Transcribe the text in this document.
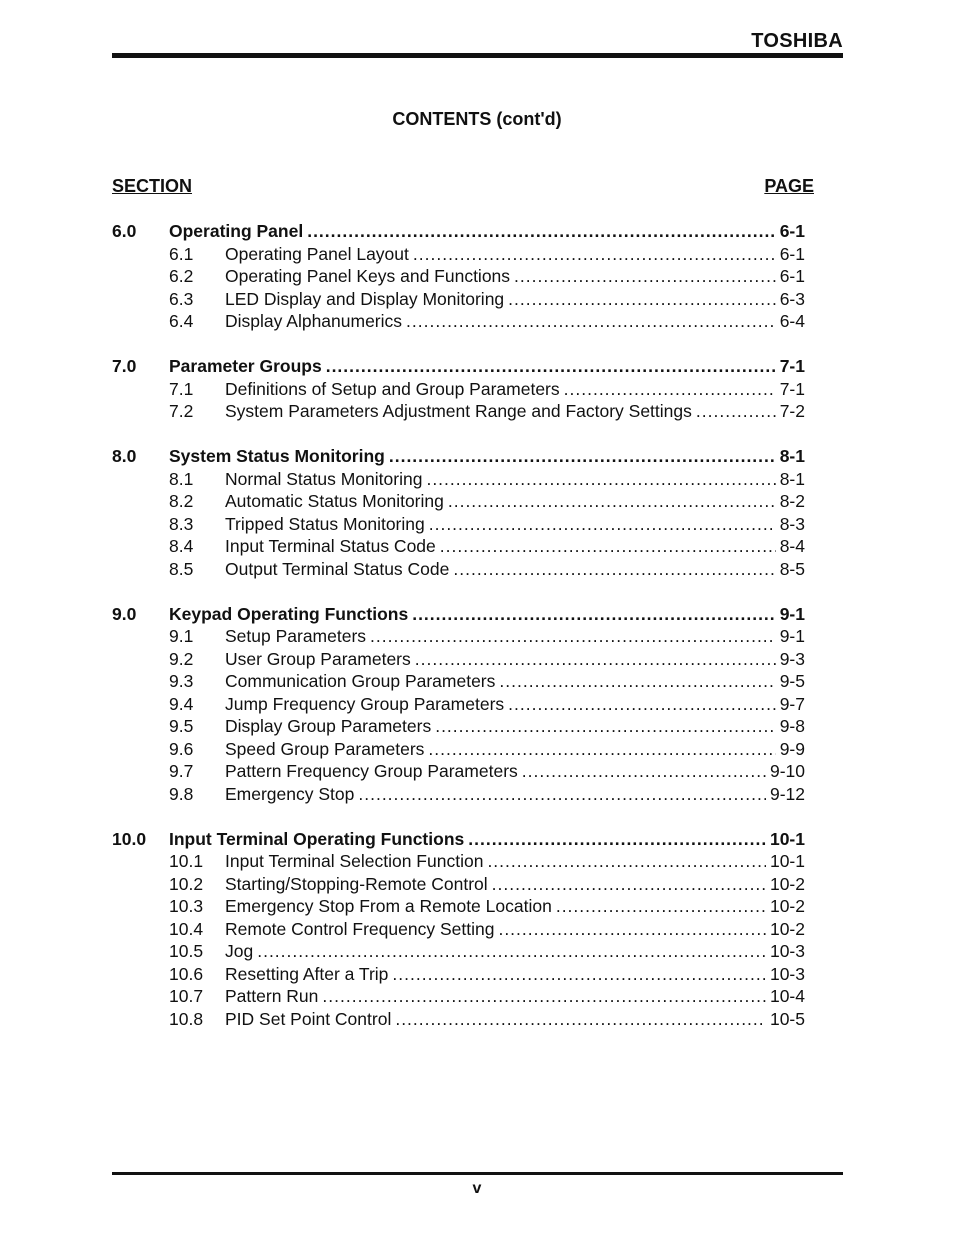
TOSHIBA
CONTENTS (cont'd)
SECTION	PAGE
6.0	Operating Panel .....	6-1
6.1	Operating Panel Layout .....	6-1
6.2	Operating Panel Keys and Functions .....	6-1
6.3	LED Display and Display Monitoring .....	6-3
6.4	Display Alphanumerics .....	6-4
7.0	Parameter Groups .....	7-1
7.1	Definitions of Setup and Group Parameters .....	7-1
7.2	System Parameters Adjustment Range and Factory Settings .....	7-2
8.0	System Status Monitoring .....	8-1
8.1	Normal Status Monitoring .....	8-1
8.2	Automatic Status Monitoring .....	8-2
8.3	Tripped Status Monitoring .....	8-3
8.4	Input Terminal Status Code .....	8-4
8.5	Output Terminal Status Code .....	8-5
9.0	Keypad Operating Functions .....	9-1
9.1	Setup Parameters .....	9-1
9.2	User Group Parameters .....	9-3
9.3	Communication Group Parameters .....	9-5
9.4	Jump Frequency Group Parameters .....	9-7
9.5	Display Group Parameters .....	9-8
9.6	Speed Group Parameters .....	9-9
9.7	Pattern Frequency Group Parameters .....	9-10
9.8	Emergency Stop .....	9-12
10.0	Input Terminal Operating Functions .....	10-1
10.1	Input Terminal Selection Function .....	10-1
10.2	Starting/Stopping-Remote Control .....	10-2
10.3	Emergency Stop From a Remote Location .....	10-2
10.4	Remote Control Frequency Setting .....	10-2
10.5	Jog .....	10-3
10.6	Resetting After a Trip .....	10-3
10.7	Pattern Run .....	10-4
10.8	PID Set Point Control .....	10-5
v
